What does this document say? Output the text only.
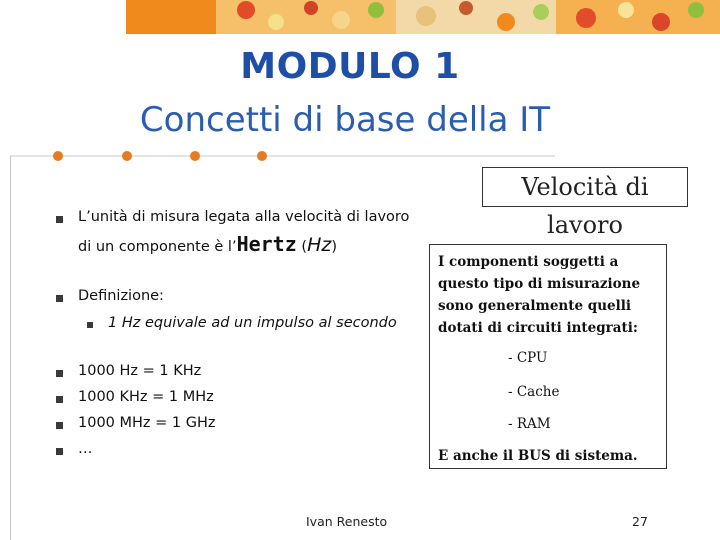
MODULO 1
Concetti di base della IT
Velocità di lavoro
I componenti soggetti a
questo tipo di misurazione
sono generalmente quelli
dotati di circuiti integrati:
- CPU
- Cache
- RAM
E anche il BUS di sistema.
L’unità di misura legata alla velocità di lavoro
di un componente è l’Hertz (Hz)
Definizione:
1 Hz equivale ad un impulso al secondo
1000 Hz = 1 KHz
1000 KHz = 1 MHz
1000 MHz = 1 GHz
…
Ivan Renesto	27
